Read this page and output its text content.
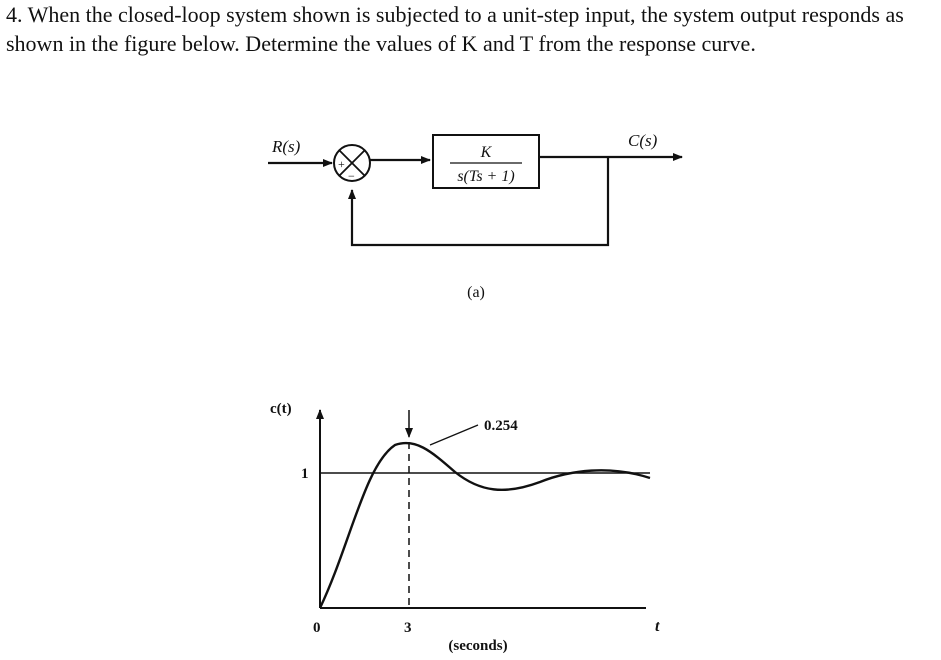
4. When the closed-loop system shown is subjected to a unit-step input, the system output responds as shown in the figure below. Determine the values of K and T from the response curve.

R(s)
+
−
K
s(Ts + 1)
C(s)
(a)
c(t)
t
(seconds)
0	3
1
0.254
